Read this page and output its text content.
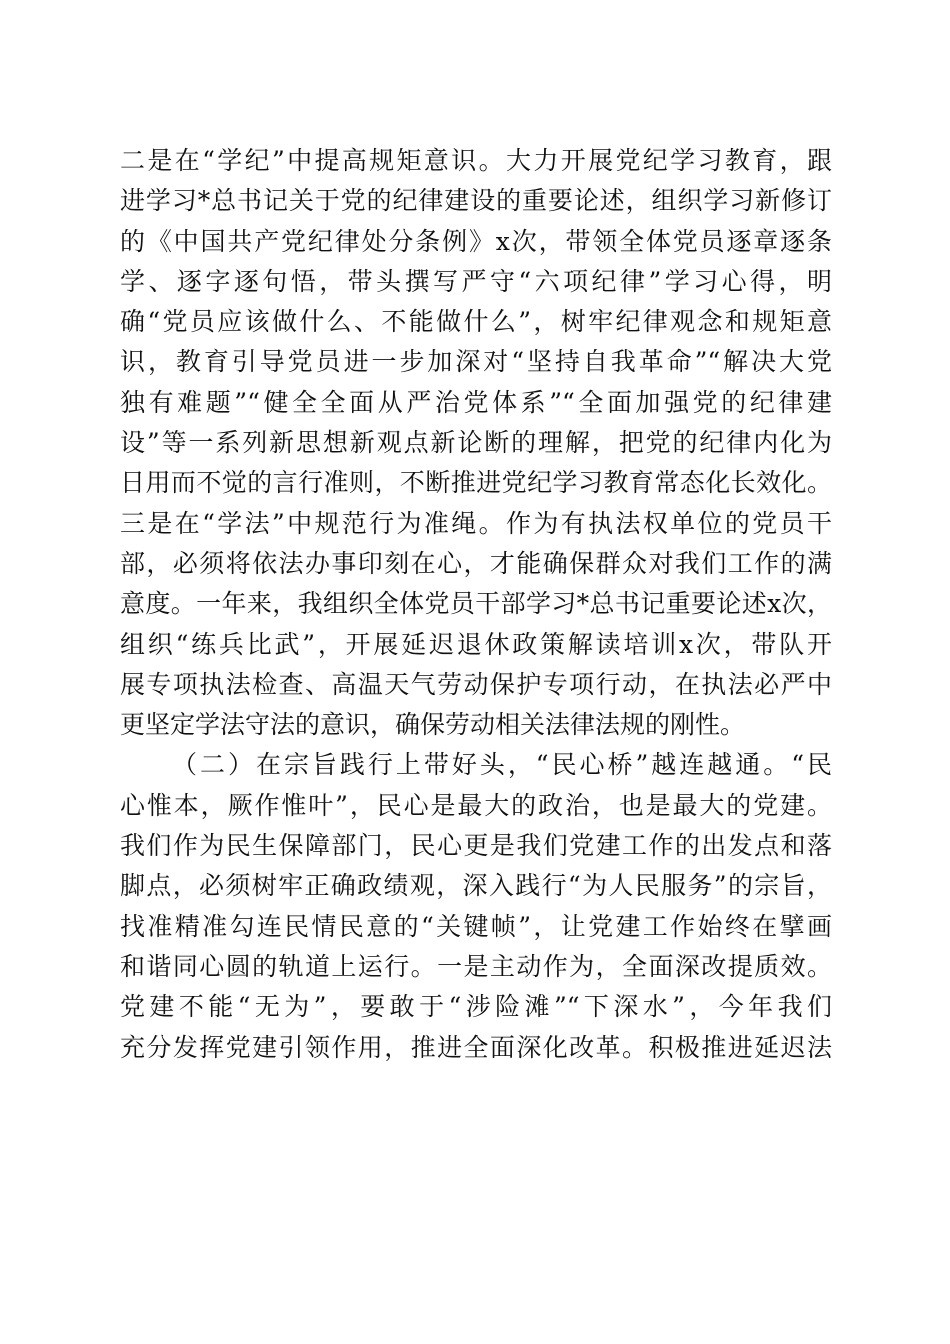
二是在“学纪”中提高规矩意识。大力开展党纪学习教育，跟
进学习*总书记关于党的纪律建设的重要论述，组织学习新修订
的《中国共产党纪律处分条例》x次，带领全体党员逐章逐条
学、逐字逐句悟，带头撰写严守“六项纪律”学习心得，明
确“党员应该做什么、不能做什么”，树牢纪律观念和规矩意
识，教育引导党员进一步加深对“坚持自我革命”“解决大党
独有难题”“健全全面从严治党体系”“全面加强党的纪律建
设”等一系列新思想新观点新论断的理解，把党的纪律内化为
日用而不觉的言行准则，不断推进党纪学习教育常态化长效化。
三是在“学法”中规范行为准绳。作为有执法权单位的党员干
部，必须将依法办事印刻在心，才能确保群众对我们工作的满
意度。一年来，我组织全体党员干部学习*总书记重要论述x次，
组织“练兵比武”，开展延迟退休政策解读培训x次，带队开
展专项执法检查、高温天气劳动保护专项行动，在执法必严中
更坚定学法守法的意识，确保劳动相关法律法规的刚性。
（二）在宗旨践行上带好头，“民心桥”越连越通。“民
心惟本，厥作惟叶”，民心是最大的政治，也是最大的党建。
我们作为民生保障部门，民心更是我们党建工作的出发点和落
脚点，必须树牢正确政绩观，深入践行“为人民服务”的宗旨，
找准精准勾连民情民意的“关键帧”，让党建工作始终在擘画
和谐同心圆的轨道上运行。一是主动作为，全面深改提质效。
党建不能“无为”，要敢于“涉险滩”“下深水”，今年我们
充分发挥党建引领作用，推进全面深化改革。积极推进延迟法
